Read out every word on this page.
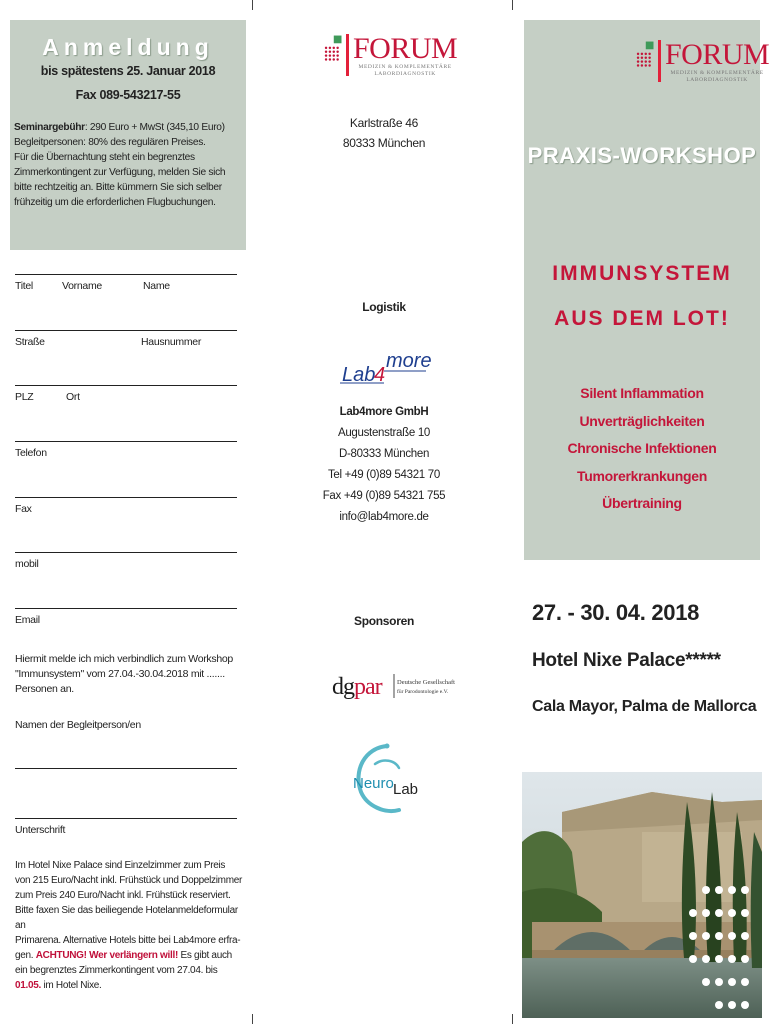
Anmeldung
bis spätestens 25. Januar 2018
Fax 089-543217-55
Seminargebühr: 290 Euro + MwSt (345,10 Euro)
Begleitpersonen: 80% des regulären Preises.
Für die Übernachtung steht ein begrenztes
Zimmerkontingent zur Verfügung, melden Sie sich
bitte rechtzeitig an. Bitte kümmern Sie sich selber
frühzeitig um die erforderlichen Flugbuchungen.
Titel	Vorname	Name
Straße	Hausnummer
PLZ	Ort
Telefon
Fax
mobil
Email
Hiermit melde ich mich verbindlich zum Workshop
"Immunsystem" vom 27.04.-30.04.2018 mit .......
Personen an.
Namen der Begleitperson/en
Unterschrift
Im Hotel Nixe Palace sind Einzelzimmer zum Preis
von 215 Euro/Nacht inkl. Frühstück und Doppelzimmer
zum Preis 240 Euro/Nacht inkl. Frühstück reserviert.
Bitte faxen Sie das beiliegende Hotelanmeldeformular an
Primarena. Alternative Hotels bitte bei Lab4more erfra-
gen. ACHTUNG! Wer verlängern will! Es gibt auch
ein begrenztes Zimmerkontingent vom 27.04. bis
01.05. im Hotel Nixe.
FORUM
MEDIZIN & KOMPLEMENTÄRE
LABORDIAGNOSTIK
Karlstraße 46
80333 München
Logistik
Lab
4
more
Lab4more GmbH
Augustenstraße 10
D-80333 München
Tel +49 (0)89 54321 70
Fax +49 (0)89 54321 755
info@lab4more.de
Sponsoren
dgpar Deutsche Gesellschaft
für Parodontologie e.V.
Neuro Lab
FORUM
MEDIZIN & KOMPLEMENTÄRE
LABORDIAGNOSTIK
PRAXIS-WORKSHOP
IMMUNSYSTEM
AUS DEM LOT!
Silent Inflammation
Unverträglichkeiten
Chronische Infektionen
Tumorerkrankungen
Übertraining
27. - 30. 04. 2018
Hotel Nixe Palace*****
Cala Mayor, Palma de Mallorca
